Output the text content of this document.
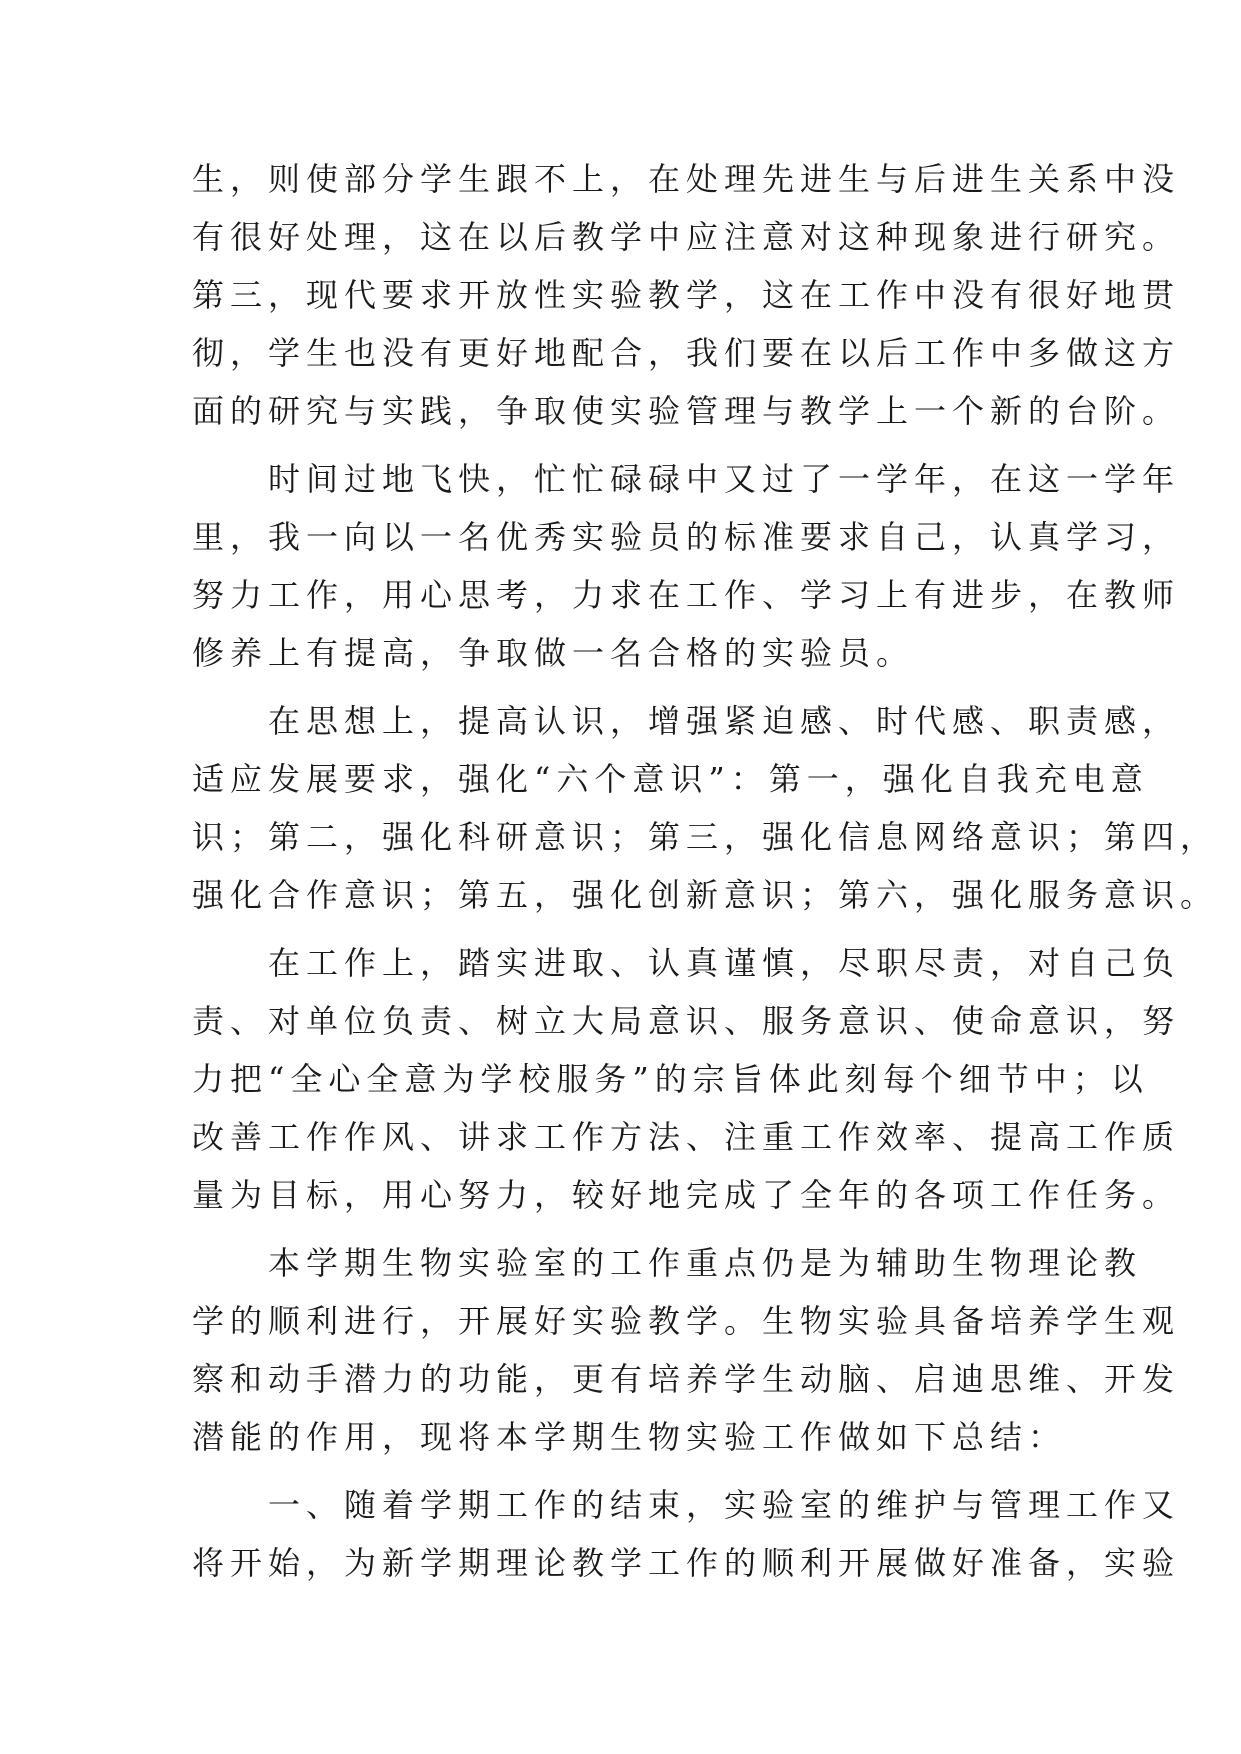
生，则使部分学生跟不上，在处理先进生与后进生关系中没
有很好处理，这在以后教学中应注意对这种现象进行研究。
第三，现代要求开放性实验教学，这在工作中没有很好地贯
彻，学生也没有更好地配合，我们要在以后工作中多做这方
面的研究与实践，争取使实验管理与教学上一个新的台阶。
　　时间过地飞快，忙忙碌碌中又过了一学年，在这一学年
里，我一向以一名优秀实验员的标准要求自己，认真学习，
努力工作，用心思考，力求在工作、学习上有进步，在教师
修养上有提高，争取做一名合格的实验员。
　　在思想上，提高认识，增强紧迫感、时代感、职责感，
适应发展要求，强化“六个意识”：第一，强化自我充电意
识；第二，强化科研意识；第三，强化信息网络意识；第四，
强化合作意识；第五，强化创新意识；第六，强化服务意识。
　　在工作上，踏实进取、认真谨慎，尽职尽责，对自己负
责、对单位负责、树立大局意识、服务意识、使命意识，努
力把“全心全意为学校服务”的宗旨体此刻每个细节中；以
改善工作作风、讲求工作方法、注重工作效率、提高工作质
量为目标，用心努力，较好地完成了全年的各项工作任务。
　　本学期生物实验室的工作重点仍是为辅助生物理论教
学的顺利进行，开展好实验教学。生物实验具备培养学生观
察和动手潜力的功能，更有培养学生动脑、启迪思维、开发
潜能的作用，现将本学期生物实验工作做如下总结：
　　一、随着学期工作的结束，实验室的维护与管理工作又
将开始，为新学期理论教学工作的顺利开展做好准备，实验
